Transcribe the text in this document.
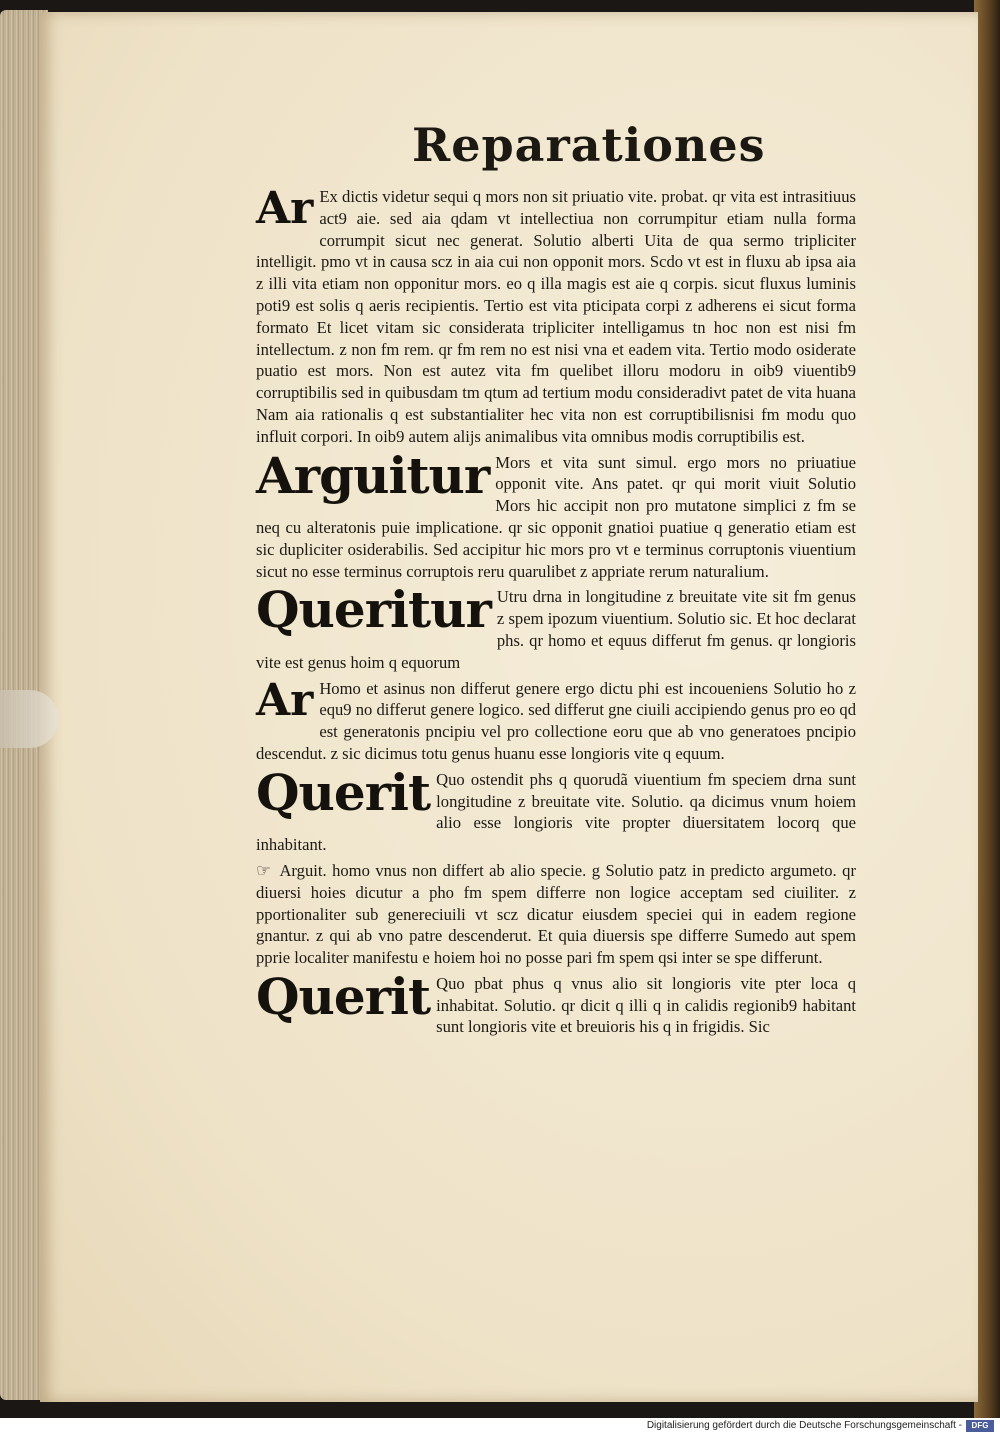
Reparationes

Ar Ex dictis videtur sequi q mors non sit priuatio vite. probat. qr vita est intrasitiuus act9 aie. sed aia qdam vt intellectiua non corrumpitur etiam nulla forma corrumpit sicut nec generat. Solutio alberti Uita de qua sermo tripliciter intelligit. pmo vt in causa scz in aia cui non opponit mors. Scdo vt est in fluxu ab ipsa aia z illi vita etiam non opponitur mors. eo q illa magis est aie q corpis. sicut fluxus luminis poti9 est solis q aeris recipientis. Tertio est vita pticipata corpi z adherens ei sicut forma formato Et licet vitam sic considerata tripliciter intelligamus tn hoc non est nisi fm intellectum. z non fm rem. qr fm rem no est nisi vna et eadem vita. Tertio modo osiderate puatio est mors. Non est autez vita fm quelibet illoru modoru in oib9 viuentib9 corruptibilis sed in quibusdam tm qtum ad tertium modu consideradivt patet de vita huana Nam aia rationalis q est substantialiter hec vita non est corruptibilisnisi fm modu quo influit corpori. In oib9 autem alijs animalibus vita omnibus modis corruptibilis est.

Arguitur Mors et vita sunt simul. ergo mors no priuatiue opponit vite. Ans patet. qr qui morit viuit Solutio Mors hic accipit non pro mutatone simplici z fm se neq cu alteratonis puie implicatione. qr sic opponit gnatioi puatiue q generatio etiam est sic dupliciter osiderabilis. Sed accipitur hic mors pro vt e terminus corruptonis viuentium sicut no esse terminus corruptois reru quarulibet z appriate rerum naturalium.

Queritur Utru drna in longitudine z breuitate vite sit fm genus z spem ipozum viuentium. Solutio sic. Et hoc declarat phs. qr homo et equus differut fm genus. qr longioris vite est genus hoim q equorum

Ar Homo et asinus non differut genere ergo dictu phi est incoueniens Solutio ho z equ9 no differut genere logico. sed differut gne ciuili accipiendo genus pro eo qd est generatonis pncipiu vel pro collectione eoru que ab vno generatoes pncipio descendut. z sic dicimus totu genus huanu esse longioris vite q equum.

Querit Quo ostendit phs q quorudã viuentium fm speciem drna sunt longitudine z breuitate vite. Solutio. qa dicimus vnum hoiem alio esse longioris vite propter diuersitatem locorq que inhabitant.

☞ Arguit. homo vnus non differt ab alio specie. g Solutio patz in predicto argumeto. qr diuersi hoies dicutur a pho fm spem differre non logice acceptam sed ciuiliter. z pportionaliter sub genereciuili vt scz dicatur eiusdem speciei qui in eadem regione gnantur. z qui ab vno patre descenderut. Et quia diuersis spe differre Sumedo aut spem pprie localiter manifestu e hoiem hoi no posse pari fm spem qsi inter se spe differunt.

Querit Quo pbat phus q vnus alio sit longioris vite pter loca q inhabitat. Solutio. qr dicit q illi q in calidis regionib9 habitant sunt longioris vite et breuioris his q in frigidis. Sic

Digitalisierung gefördert durch die Deutsche Forschungsgemeinschaft -	DFG
